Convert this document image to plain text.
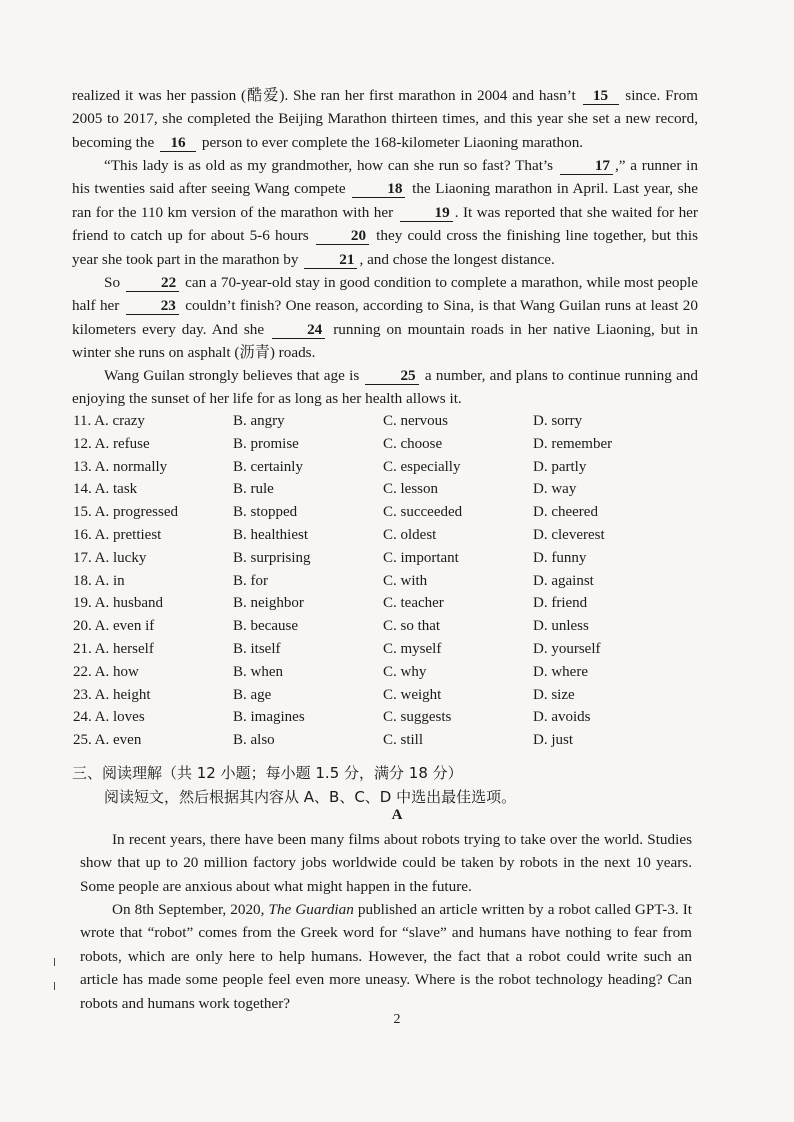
realized it was her passion (酷爱). She ran her first marathon in 2004 and hasn’t 15 since. From 2005 to 2017, she completed the Beijing Marathon thirteen times, and this year she set a new record, becoming the 16 person to ever complete the 168-kilometer Liaoning marathon.

“This lady is as old as my grandmother, how can she run so fast? That’s 17 ,” a runner in his twenties said after seeing Wang compete 18 the Liaoning marathon in April. Last year, she ran for the 110 km version of the marathon with her 19 . It was reported that she waited for her friend to catch up for about 5-6 hours 20 they could cross the finishing line together, but this year she took part in the marathon by 21 , and chose the longest distance.

So 22 can a 70-year-old stay in good condition to complete a marathon, while most people half her 23 couldn’t finish? One reason, according to Sina, is that Wang Guilan runs at least 20 kilometers every day. And she 24 running on mountain roads in her native Liaoning, but in winter she runs on asphalt (沥青) roads.

Wang Guilan strongly believes that age is 25 a number, and plans to continue running and enjoying the sunset of her life for as long as her health allows it.

11. A. crazy	B. angry	C. nervous	D. sorry
12. A. refuse	B. promise	C. choose	D. remember
13. A. normally	B. certainly	C. especially	D. partly
14. A. task	B. rule	C. lesson	D. way
15. A. progressed	B. stopped	C. succeeded	D. cheered
16. A. prettiest	B. healthiest	C. oldest	D. cleverest
17. A. lucky	B. surprising	C. important	D. funny
18. A. in	B. for	C. with	D. against
19. A. husband	B. neighbor	C. teacher	D. friend
20. A. even if	B. because	C. so that	D. unless
21. A. herself	B. itself	C. myself	D. yourself
22. A. how	B. when	C. why	D. where
23. A. height	B. age	C. weight	D. size
24. A. loves	B. imagines	C. suggests	D. avoids
25. A. even	B. also	C. still	D. just
三、阅读理解（共 12 小题；每小题 1.5 分，满分 18 分）
阅读短文，然后根据其内容从 A、B、C、D 中选出最佳选项。
A

In recent years, there have been many films about robots trying to take over the world. Studies show that up to 20 million factory jobs worldwide could be taken by robots in the next 10 years. Some people are anxious about what might happen in the future.

On 8th September, 2020, The Guardian published an article written by a robot called GPT-3. It wrote that “robot” comes from the Greek word for “slave” and humans have nothing to fear from robots, which are only here to help humans. However, the fact that a robot could write such an article has made some people feel even more uneasy. Where is the robot technology heading? Can robots and humans work together?

2
